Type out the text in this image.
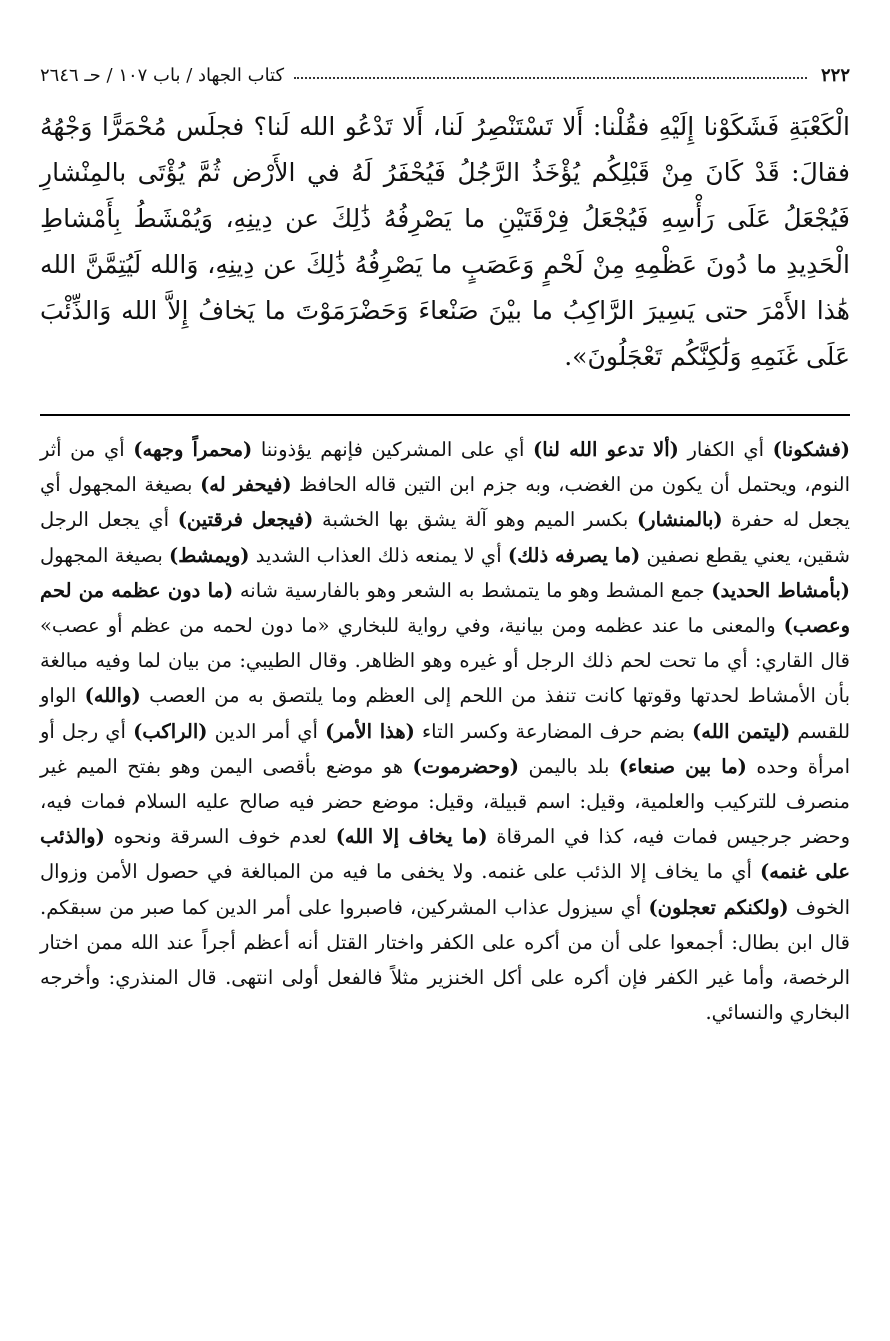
٢٢٢
كتاب الجهاد / باب ١٠٧ / حـ ٢٦٤٦

الْكَعْبَةِ فَشَكَوْنا إِلَيْهِ فقُلْنا: أَلا تَسْتَنْصِرُ لَنا، أَلا تَدْعُو الله لَنا؟ فجلَس مُحْمَرًّا وَجْهُهُ فقالَ: قَدْ كَانَ مِنْ قَبْلِكُم يُؤْخَذُ الرَّجُلُ فَيُحْفَرُ لَهُ في الأَرْض ثُمَّ يُؤْتَى بالمِنْشارِ فَيُجْعَلُ عَلَى رَأْسِهِ فَيُجْعَلُ فِرْقَتَيْنِ ما يَصْرِفُهُ ذَٰلِكَ عن دِينِهِ، وَيُمْشَطُ بِأَمْشاطِ الْحَدِيدِ ما دُونَ عَظْمِهِ مِنْ لَحْمٍ وَعَصَبٍ ما يَصْرِفُهُ ذَٰلِكَ عن دِينِهِ، وَالله لَيُتِمَّنَّ الله هَٰذا الأَمْرَ حتى يَسِيرَ الرَّاكِبُ ما بيْنَ صَنْعاءَ وَحَضْرَمَوْتَ ما يَخافُ إِلاَّ الله وَالذِّئْبَ عَلَى غَنَمِهِ وَلَٰكِنَّكُم تَعْجَلُونَ».

(فشكونا) أي الكفار (ألا تدعو الله لنا) أي على المشركين فإنهم يؤذوننا (محمراً وجهه) أي من أثر النوم، ويحتمل أن يكون من الغضب، وبه جزم ابن التين قاله الحافظ (فيحفر له) بصيغة المجهول أي يجعل له حفرة (بالمنشار) بكسر الميم وهو آلة يشق بها الخشبة (فيجعل فرقتين) أي يجعل الرجل شقين، يعني يقطع نصفين (ما يصرفه ذلك) أي لا يمنعه ذلك العذاب الشديد (ويمشط) بصيغة المجهول (بأمشاط الحديد) جمع المشط وهو ما يتمشط به الشعر وهو بالفارسية شانه (ما دون عظمه من لحم وعصب) والمعنى ما عند عظمه ومن بيانية، وفي رواية للبخاري «ما دون لحمه من عظم أو عصب» قال القاري: أي ما تحت لحم ذلك الرجل أو غيره وهو الظاهر. وقال الطيبي: من بيان لما وفيه مبالغة بأن الأمشاط لحدتها وقوتها كانت تنفذ من اللحم إلى العظم وما يلتصق به من العصب (والله) الواو للقسم (ليتمن الله) بضم حرف المضارعة وكسر التاء (هذا الأمر) أي أمر الدين (الراكب) أي رجل أو امرأة وحده (ما بين صنعاء) بلد باليمن (وحضرموت) هو موضع بأقصى اليمن وهو بفتح الميم غير منصرف للتركيب والعلمية، وقيل: اسم قبيلة، وقيل: موضع حضر فيه صالح عليه السلام فمات فيه، وحضر جرجيس فمات فيه، كذا في المرقاة (ما يخاف إلا الله) لعدم خوف السرقة ونحوه (والذئب على غنمه) أي ما يخاف إلا الذئب على غنمه. ولا يخفى ما فيه من المبالغة في حصول الأمن وزوال الخوف (ولكنكم تعجلون) أي سيزول عذاب المشركين، فاصبروا على أمر الدين كما صبر من سبقكم. قال ابن بطال: أجمعوا على أن من أكره على الكفر واختار القتل أنه أعظم أجراً عند الله ممن اختار الرخصة، وأما غير الكفر فإن أكره على أكل الخنزير مثلاً فالفعل أولى انتهى. قال المنذري: وأخرجه البخاري والنسائي.
